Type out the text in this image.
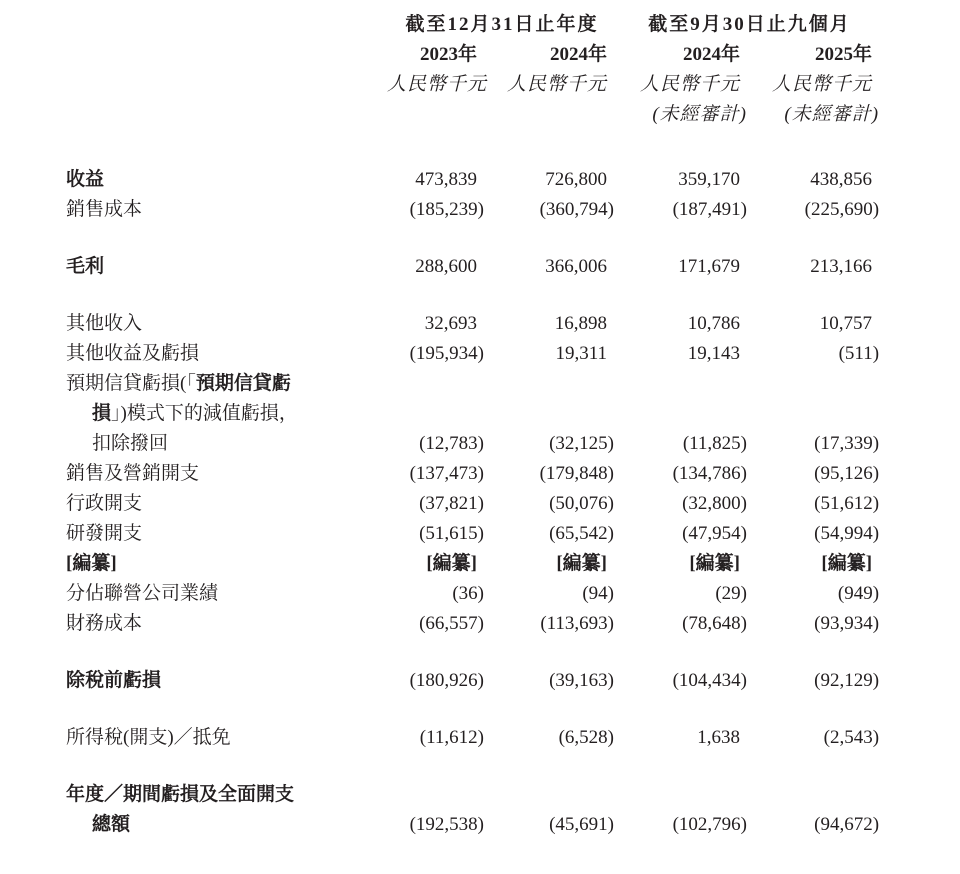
	截至12月31日止年度		截至9月30日止九個月	
	2023年	2024年	2024年	2025年
	人民幣千元	人民幣千元	人民幣千元	人民幣千元
			(未經審計)	(未經審計)

收益	473,839	726,800	359,170	438,856
銷售成本	(185,239)	(360,794)	(187,491)	(225,690)

毛利	288,600	366,006	171,679	213,166

其他收入	32,693	16,898	10,786	10,757
其他收益及虧損	(195,934)	19,311	19,143	(511)
預期信貸虧損(「預期信貸虧				
損」)模式下的減值虧損，				
扣除撥回	(12,783)	(32,125)	(11,825)	(17,339)
銷售及營銷開支	(137,473)	(179,848)	(134,786)	(95,126)
行政開支	(37,821)	(50,076)	(32,800)	(51,612)
研發開支	(51,615)	(65,542)	(47,954)	(54,994)
[編纂]	[編纂]	[編纂]	[編纂]	[編纂]
分佔聯營公司業績	(36)	(94)	(29)	(949)
財務成本	(66,557)	(113,693)	(78,648)	(93,934)

除稅前虧損	(180,926)	(39,163)	(104,434)	(92,129)

所得稅(開支)／抵免	(11,612)	(6,528)	1,638	(2,543)

年度／期間虧損及全面開支				
總額	(192,538)	(45,691)	(102,796)	(94,672)
